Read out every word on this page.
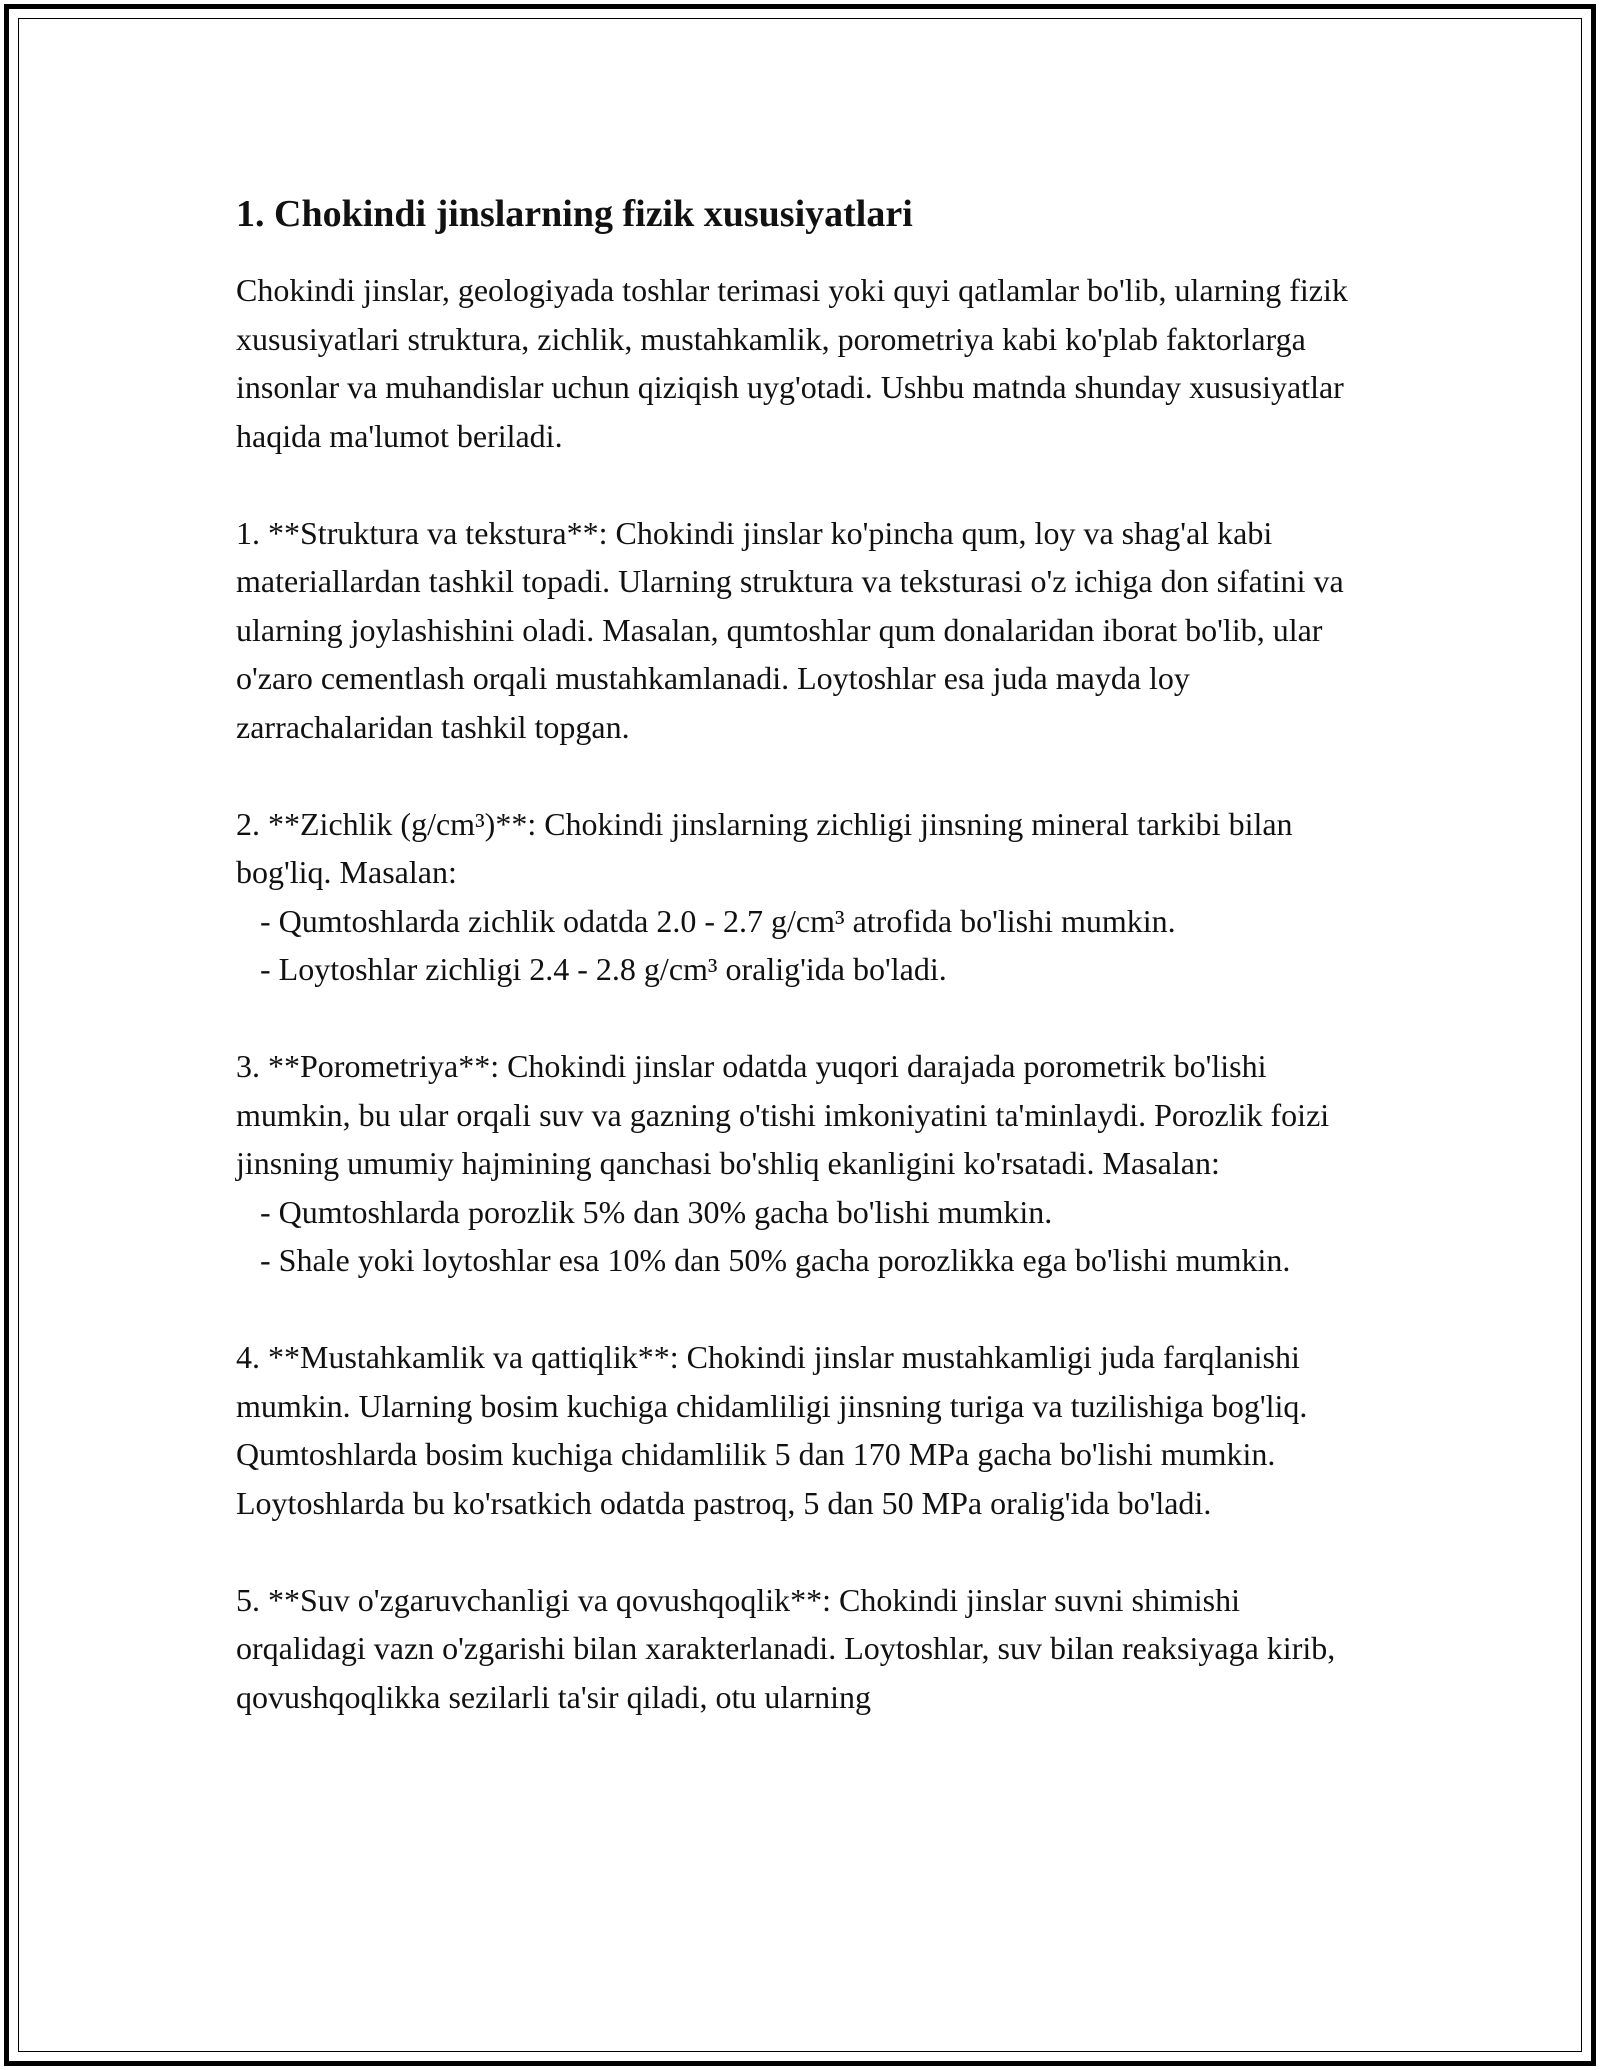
1. Chokindi jinslarning fizik xususiyatlari

Chokindi jinslar, geologiyada toshlar terimasi yoki quyi qatlamlar bo'lib, ularning fizik xususiyatlari struktura, zichlik, mustahkamlik, porometriya kabi ko'plab faktorlarga insonlar va muhandislar uchun qiziqish uyg'otadi. Ushbu matnda shunday xususiyatlar haqida ma'lumot beriladi.

1. **Struktura va tekstura**: Chokindi jinslar ko'pincha qum, loy va shag'al kabi materiallardan tashkil topadi. Ularning struktura va teksturasi o'z ichiga don sifatini va ularning joylashishini oladi. Masalan, qumtoshlar qum donalaridan iborat bo'lib, ular o'zaro cementlash orqali mustahkamlanadi. Loytoshlar esa juda mayda loy zarrachalaridan tashkil topgan.

2. **Zichlik (g/cm³)**: Chokindi jinslarning zichligi jinsning mineral tarkibi bilan bog'liq. Masalan:
- Qumtoshlarda zichlik odatda 2.0 - 2.7 g/cm³ atrofida bo'lishi mumkin.
- Loytoshlar zichligi 2.4 - 2.8 g/cm³ oralig'ida bo'ladi.

3. **Porometriya**: Chokindi jinslar odatda yuqori darajada porometrik bo'lishi mumkin, bu ular orqali suv va gazning o'tishi imkoniyatini ta'minlaydi. Porozlik foizi jinsning umumiy hajmining qanchasi bo'shliq ekanligini ko'rsatadi. Masalan:
- Qumtoshlarda porozlik 5% dan 30% gacha bo'lishi mumkin.
- Shale yoki loytoshlar esa 10% dan 50% gacha porozlikka ega bo'lishi mumkin.

4. **Mustahkamlik va qattiqlik**: Chokindi jinslar mustahkamligi juda farqlanishi mumkin. Ularning bosim kuchiga chidamliligi jinsning turiga va tuzilishiga bog'liq. Qumtoshlarda bosim kuchiga chidamlilik 5 dan 170 MPa gacha bo'lishi mumkin. Loytoshlarda bu ko'rsatkich odatda pastroq, 5 dan 50 MPa oralig'ida bo'ladi.

5. **Suv o'zgaruvchanligi va qovushqoqlik**: Chokindi jinslar suvni shimishi orqalidagi vazn o'zgarishi bilan xarakterlanadi. Loytoshlar, suv bilan reaksiyaga kirib, qovushqoqlikka sezilarli ta'sir qiladi, otu ularning
